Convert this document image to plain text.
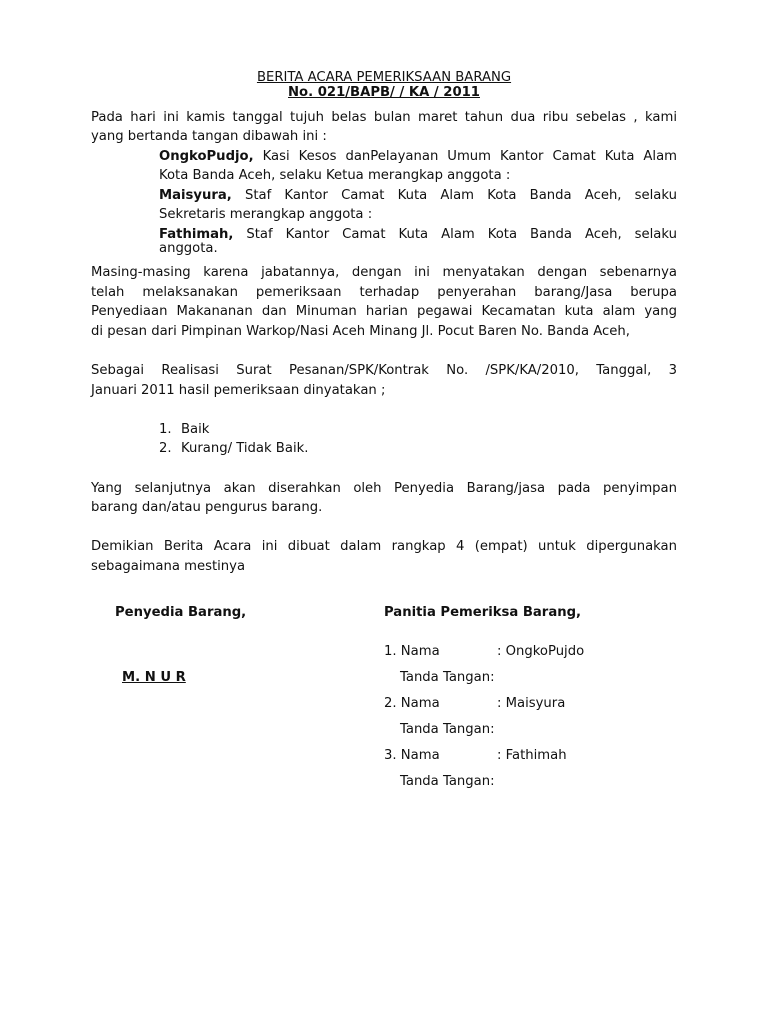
BERITA ACARA PEMERIKSAAN BARANG
No. 021/BAPB/ / KA / 2011
Pada hari ini kamis tanggal tujuh belas bulan maret tahun dua ribu sebelas , kami
yang bertanda tangan dibawah ini :
OngkoPudjo, Kasi Kesos danPelayanan Umum Kantor Camat Kuta Alam
Kota Banda Aceh, selaku Ketua merangkap anggota :
Maisyura, Staf Kantor Camat Kuta Alam Kota Banda Aceh, selaku
Sekretaris merangkap anggota :
Fathimah, Staf Kantor Camat Kuta Alam Kota Banda Aceh, selaku
anggota.
Masing-masing karena jabatannya, dengan ini menyatakan dengan sebenarnya
telah melaksanakan pemeriksaan terhadap penyerahan barang/Jasa berupa
Penyediaan Makananan dan Minuman harian pegawai Kecamatan kuta alam yang
di pesan dari Pimpinan Warkop/Nasi Aceh Minang Jl. Pocut Baren No. Banda Aceh,
Sebagai Realisasi Surat Pesanan/SPK/Kontrak No. /SPK/KA/2010, Tanggal, 3
Januari 2011 hasil pemeriksaan dinyatakan ;
1. Baik
2. Kurang/ Tidak Baik.
Yang selanjutnya akan diserahkan oleh Penyedia Barang/jasa pada penyimpan
barang dan/atau pengurus barang.
Demikian Berita Acara ini dibuat dalam rangkap 4 (empat) untuk dipergunakan
sebagaimana mestinya
Penyedia Barang,	Panitia Pemeriksa Barang,
M. N U R
1. Nama	: OngkoPujdo
Tanda Tangan:
2. Nama	: Maisyura
Tanda Tangan:
3. Nama	: Fathimah
Tanda Tangan:
